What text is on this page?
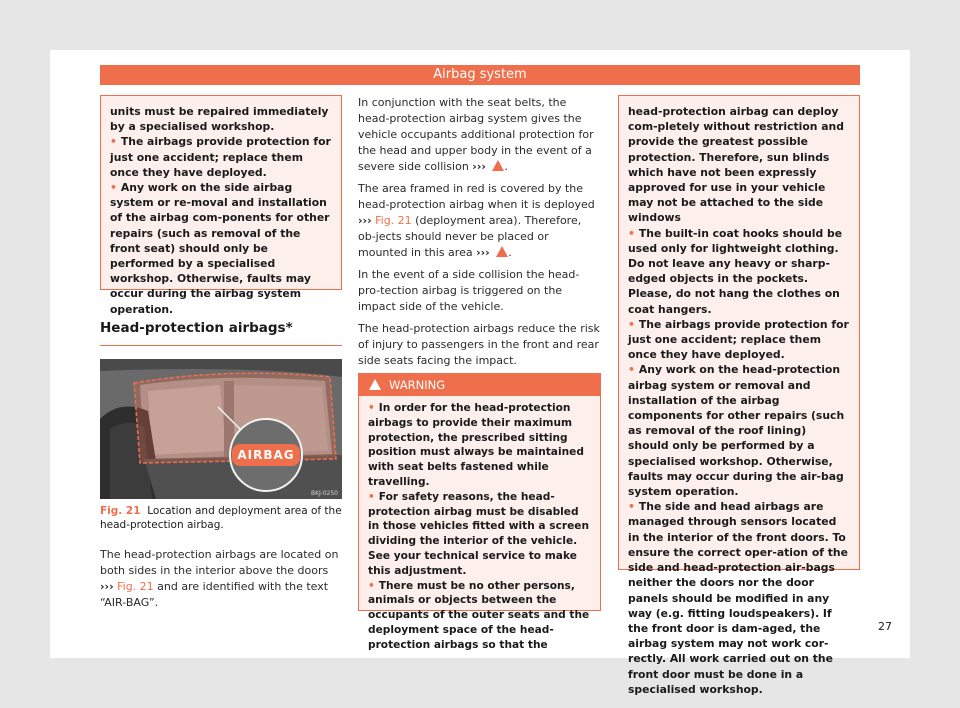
Airbag system

units must be repaired immediately by a specialised workshop.

• The airbags provide protection for just one accident; replace them once they have deployed.

• Any work on the side airbag system or re-moval and installation of the airbag com-ponents for other repairs (such as removal of the front seat) should only be performed by a specialised workshop. Otherwise, faults may occur during the airbag system operation.

Head-protection airbags*
AIRBAG
BKJ-0250
Fig. 21 Location and deployment area of the head-protection airbag.
The head-protection airbags are located on both sides in the interior above the doors ››› Fig. 21 and are identified with the text “AIR-BAG”.

In conjunction with the seat belts, the head-protection airbag system gives the vehicle occupants additional protection for the head and upper body in the event of a severe side collision ››› .

The area framed in red is covered by the head-protection airbag when it is deployed ››› Fig. 21 (deployment area). Therefore, ob-jects should never be placed or mounted in this area ››› .

In the event of a side collision the head-pro-tection airbag is triggered on the impact side of the vehicle.

The head-protection airbags reduce the risk of injury to passengers in the front and rear side seats facing the impact.

WARNING

• In order for the head-protection airbags to provide their maximum protection, the prescribed sitting position must always be maintained with seat belts fastened while travelling.

• For safety reasons, the head-protection airbag must be disabled in those vehicles fitted with a screen dividing the interior of the vehicle. See your technical service to make this adjustment.

• There must be no other persons, animals or objects between the occupants of the outer seats and the deployment space of the head-protection airbags so that the

head-protection airbag can deploy com-pletely without restriction and provide the greatest possible protection. Therefore, sun blinds which have not been expressly approved for use in your vehicle may not be attached to the side windows

• The built-in coat hooks should be used only for lightweight clothing. Do not leave any heavy or sharp-edged objects in the pockets. Please, do not hang the clothes on coat hangers.

• The airbags provide protection for just one accident; replace them once they have deployed.

• Any work on the head-protection airbag system or removal and installation of the airbag components for other repairs (such as removal of the roof lining) should only be performed by a specialised workshop. Otherwise, faults may occur during the air-bag system operation.

• The side and head airbags are managed through sensors located in the interior of the front doors. To ensure the correct oper-ation of the side and head-protection air-bags neither the doors nor the door panels should be modified in any way (e.g. fitting loudspeakers). If the front door is dam-aged, the airbag system may not work cor-rectly. All work carried out on the front door must be done in a specialised workshop.

27
